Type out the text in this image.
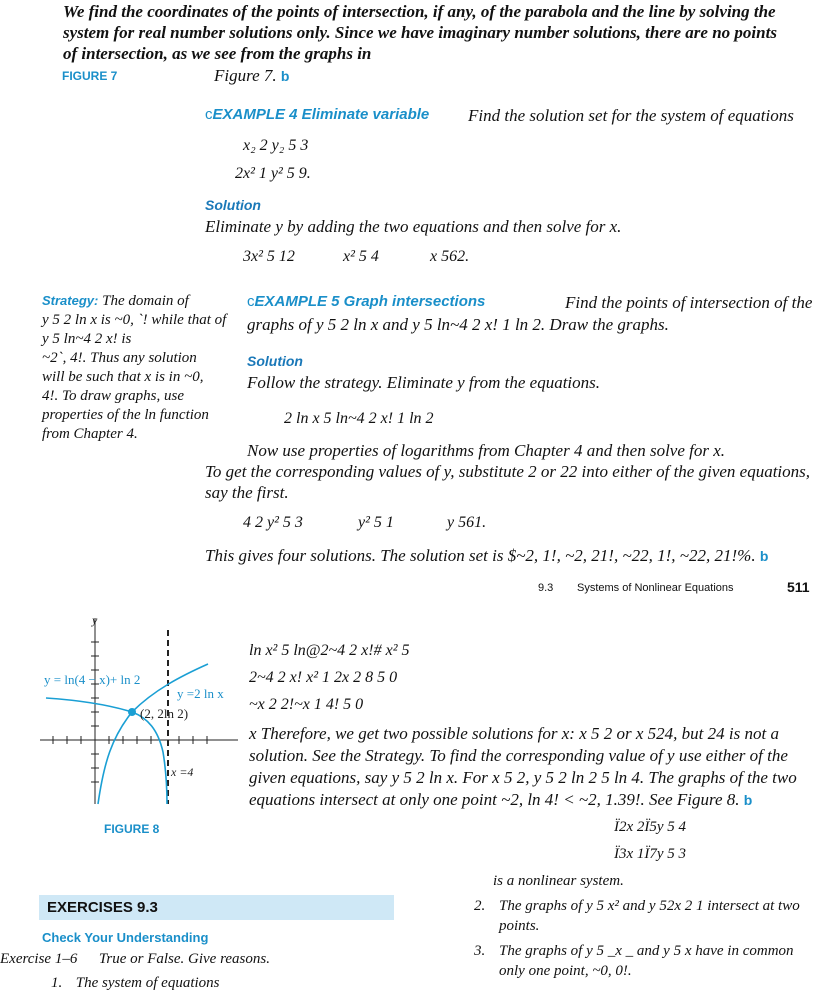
We find the coordinates of the points of intersection, if any, of the parabola and the line by solving the
system for real number solutions only. Since we have imaginary number solutions, there are no points
of intersection, as we see from the graphs in
FIGURE 7	Figure 7. b
cEXAMPLE 4 Eliminate variable Find the solution set for the system of equations
x₂ 2 y₂ 5 3
2x² 1 y² 5 9.
Solution
Eliminate y by adding the two equations and then solve for x.
3x² 5 12	x² 5 4	x 562.
Strategy: The domain of
y 5 2 ln x is ~0, `! while that of
y 5 ln~4 2 x! is
~2`, 4!. Thus any solution
will be such that x is in ~0,
4!. To draw graphs, use
properties of the ln function
from Chapter 4.
cEXAMPLE 5 Graph intersections	Find the points of intersection of the
graphs of y 5 2 ln x and y 5 ln~4 2 x! 1 ln 2. Draw the graphs.
Solution
Follow the strategy. Eliminate y from the equations.
2 ln x 5 ln~4 2 x! 1 ln 2
Now use properties of logarithms from Chapter 4 and then solve for x.
To get the corresponding values of y, substitute 2 or 22 into either of the given equations,
say the first.
4 2 y² 5 3	y² 5 1	y 561.
This gives four solutions. The solution set is $~2, 1!, ~2, 21!, ~22, 1!, ~22, 21!%. b
9.3 Systems of Nonlinear Equations	511
y
y = ln(4 − x)+ ln 2
y =2 ln x
(2, 2ln 2)
x =4
FIGURE 8
ln x² 5 ln@2~4 2 x!# x² 5
2~4 2 x! x² 1 2x 2 8 5 0
~x 2 2!~x 1 4! 5 0
x Therefore, we get two possible solutions for x: x 5 2 or x 524, but 24 is not a
solution. See the Strategy. To find the corresponding value of y use either of the
given equations, say y 5 2 ln x. For x 5 2, y 5 2 ln 2 5 ln 4. The graphs of the two
equations intersect at only one point ~2, ln 4! < ~2, 1.39!. See Figure 8. b
EXERCISES 9.3
Check Your Understanding
Exercise 1–6 True or False. Give reasons.
1. The system of equations
Ï2x 2Ï5y 5 4
Ï3x 1Ï7y 5 3
is a nonlinear system.
2. The graphs of y 5 x² and y 52x 2 1 intersect at two
points.
3. The graphs of y 5 _x _ and y 5 x have in common
only one point, ~0, 0!.
